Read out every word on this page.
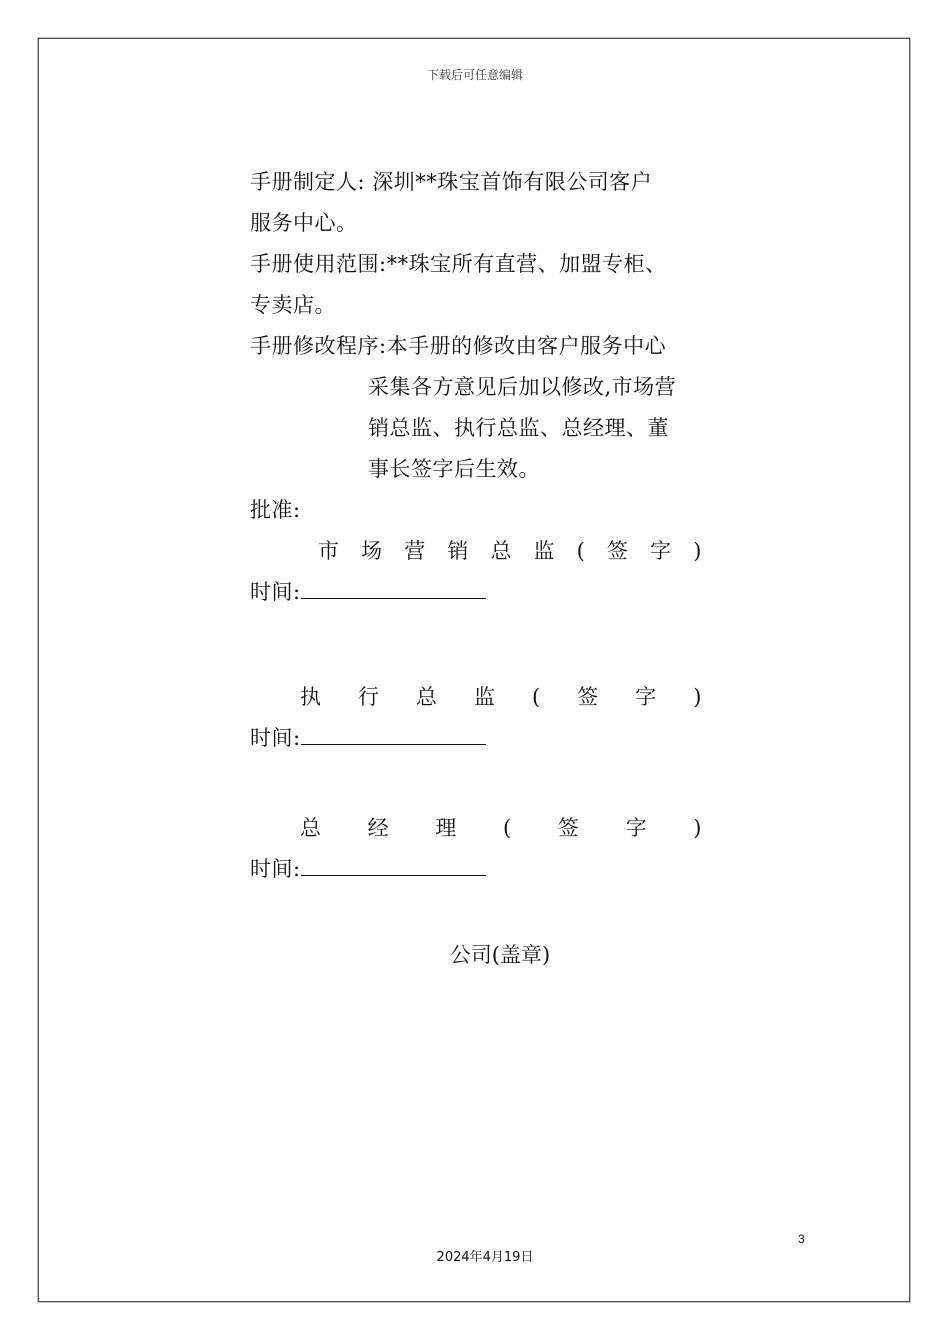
下载后可任意编辑
手册制定人: 深圳**珠宝首饰有限公司客户
服务中心。
手册使用范围:**珠宝所有直营、加盟专柜、
专卖店。
手册修改程序:本手册的修改由客户服务中心
采集各方意见后加以修改,市场营
销总监、执行总监、总经理、董
事长签字后生效。
批准:
市 场 营 销 总 监 ( 签 字 )
时间:
执 行 总 监 ( 签 字 )
时间:
总 经 理 ( 签 字 )
时间:
公司(盖章)
3
2024年4月19日
